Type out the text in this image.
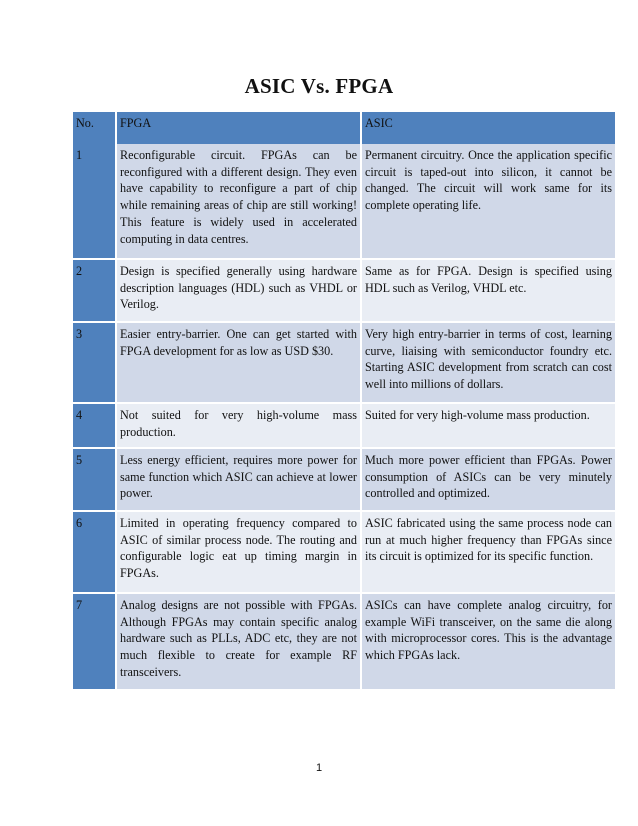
ASIC Vs. FPGA
No.	FPGA	ASIC
1	Reconfigurable circuit. FPGAs can be reconfigured with a different design. They even have capability to reconfigure a part of chip while remaining areas of chip are still working! This feature is widely used in accelerated computing in data centres.	Permanent circuitry. Once the application specific circuit is taped-out into silicon, it cannot be changed. The circuit will work same for its complete operating life.
2	Design is specified generally using hardware description languages (HDL) such as VHDL or Verilog.	Same as for FPGA. Design is specified using HDL such as Verilog, VHDL etc.
3	Easier entry-barrier. One can get started with FPGA development for as low as USD $30.	Very high entry-barrier in terms of cost, learning curve, liaising with semiconductor foundry etc. Starting ASIC development from scratch can cost well into millions of dollars.
4	Not suited for very high-volume mass production.	Suited for very high-volume mass production.
5	Less energy efficient, requires more power for same function which ASIC can achieve at lower power.	Much more power efficient than FPGAs. Power consumption of ASICs can be very minutely controlled and optimized.
6	Limited in operating frequency compared to ASIC of similar process node. The routing and configurable logic eat up timing margin in FPGAs.	ASIC fabricated using the same process node can run at much higher frequency than FPGAs since its circuit is optimized for its specific function.
7	Analog designs are not possible with FPGAs. Although FPGAs may contain specific analog hardware such as PLLs, ADC etc, they are not much flexible to create for example RF transceivers.	ASICs can have complete analog circuitry, for example WiFi transceiver, on the same die along with microprocessor cores. This is the advantage which FPGAs lack.
1
